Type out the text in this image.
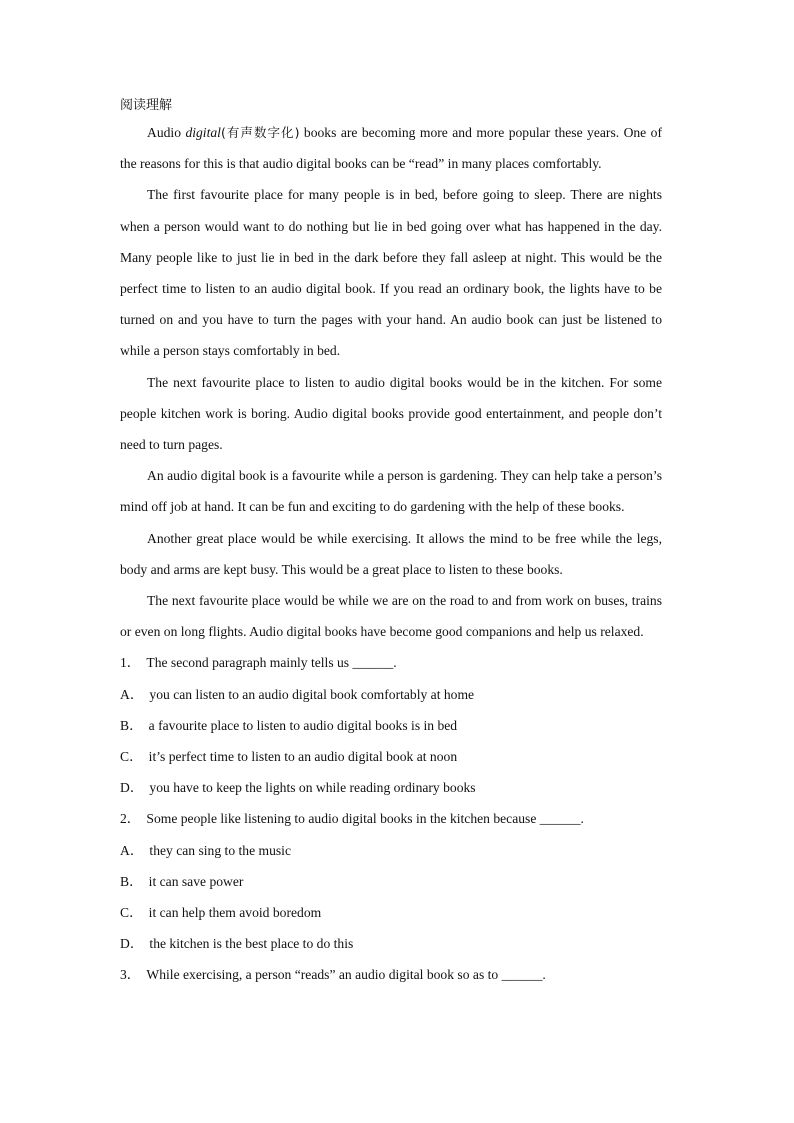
阅读理解

Audio digital(有声数字化) books are becoming more and more popular these years. One of the reasons for this is that audio digital books can be “read” in many places comfortably.

The first favourite place for many people is in bed, before going to sleep. There are nights when a person would want to do nothing but lie in bed going over what has happened in the day. Many people like to just lie in bed in the dark before they fall asleep at night. This would be the perfect time to listen to an audio digital book. If you read an ordinary book, the lights have to be turned on and you have to turn the pages with your hand. An audio book can just be listened to while a person stays comfortably in bed.

The next favourite place to listen to audio digital books would be in the kitchen. For some people kitchen work is boring. Audio digital books provide good entertainment, and people don’t need to turn pages.

An audio digital book is a favourite while a person is gardening. They can help take a person’s mind off job at hand. It can be fun and exciting to do gardening with the help of these books.

Another great place would be while exercising. It allows the mind to be free while the legs, body and arms are kept busy. This would be a great place to listen to these books.

The next favourite place would be while we are on the road to and from work on buses, trains or even on long flights. Audio digital books have become good companions and help us relaxed.

1． The second paragraph mainly tells us ______.

A． you can listen to an audio digital book comfortably at home

B． a favourite place to listen to audio digital books is in bed

C． it’s perfect time to listen to an audio digital book at noon

D． you have to keep the lights on while reading ordinary books

2． Some people like listening to audio digital books in the kitchen because ______.

A． they can sing to the music

B． it can save power

C． it can help them avoid boredom

D． the kitchen is the best place to do this

3． While exercising, a person “reads” an audio digital book so as to ______.
